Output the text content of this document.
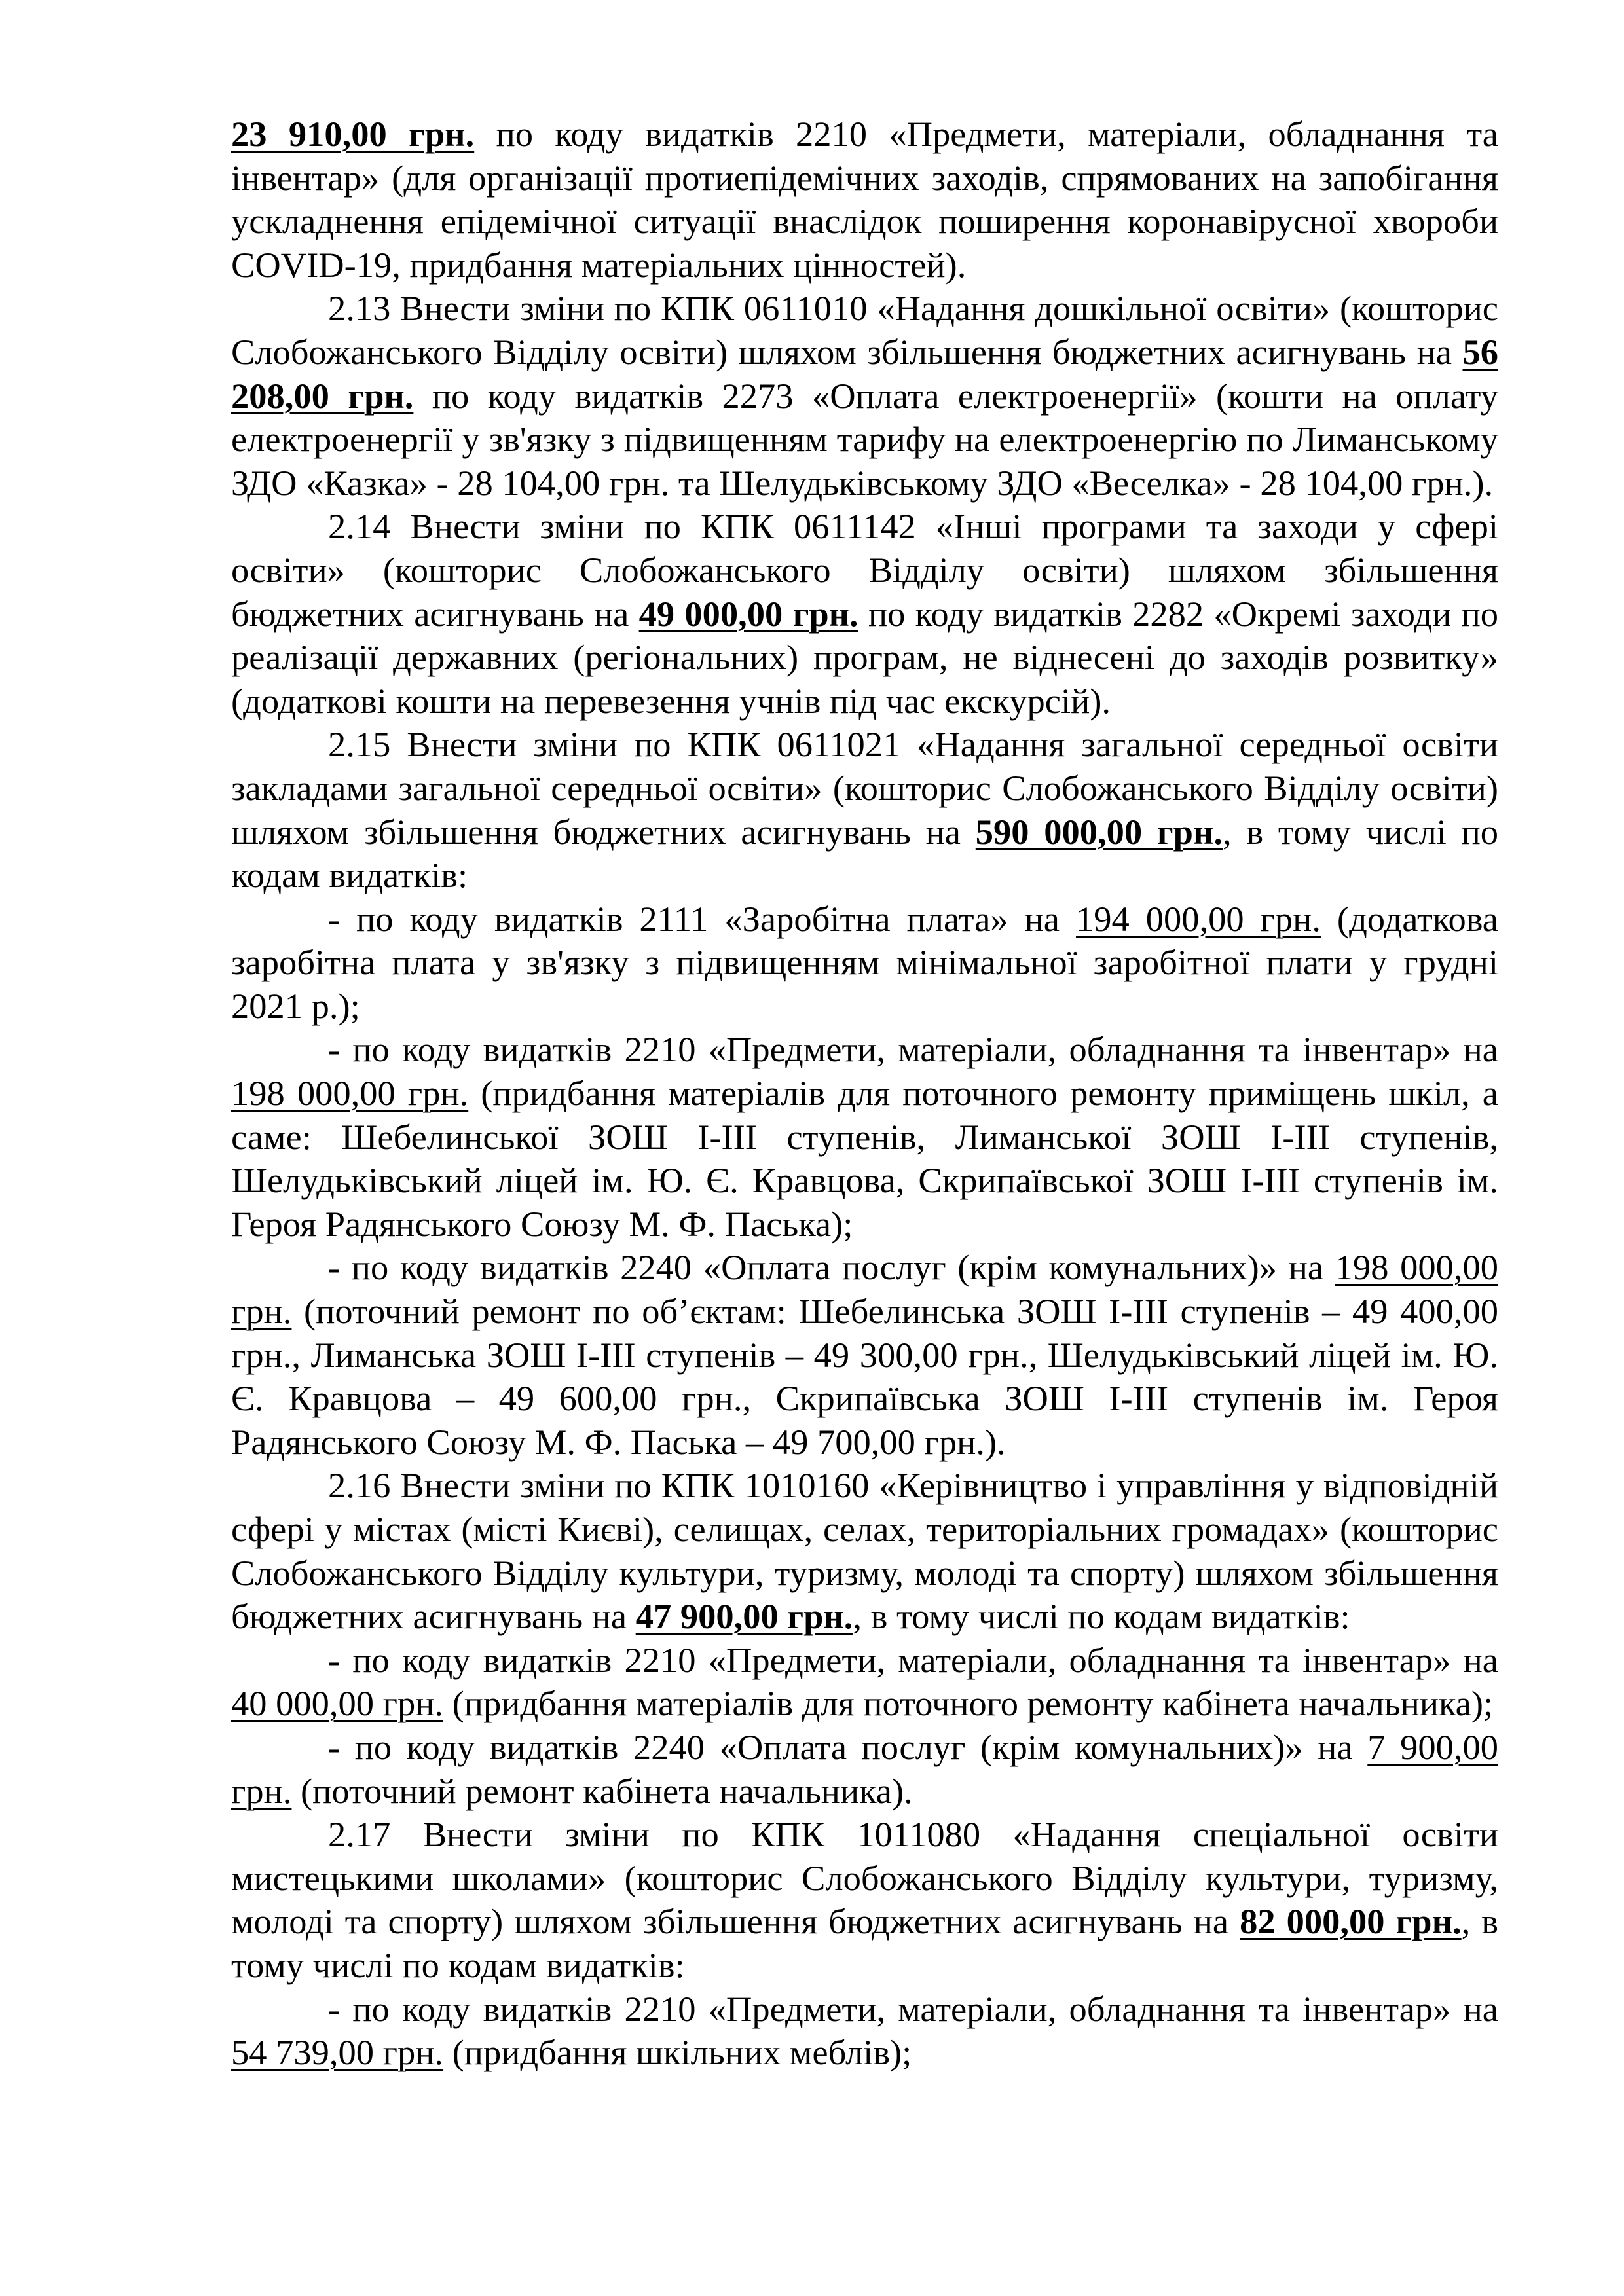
23 910,00 грн. по коду видатків 2210 «Предмети, матеріали, обладнання та інвентар» (для організації протиепідемічних заходів, спрямованих на запобігання ускладнення епідемічної ситуації внаслідок поширення коронавірусної хвороби COVID-19, придбання матеріальних цінностей).

2.13 Внести зміни по КПК 0611010 «Надання дошкільної освіти» (кошторис Слобожанського Відділу освіти) шляхом збільшення бюджетних асигнувань на 56 208,00 грн. по коду видатків 2273 «Оплата електроенергії» (кошти на оплату електроенергії у зв'язку з підвищенням тарифу на електроенергію по Лиманському ЗДО «Казка» - 28 104,00 грн. та Шелудьківському ЗДО «Веселка» - 28 104,00 грн.).

2.14 Внести зміни по КПК 0611142 «Інші програми та заходи у сфері освіти» (кошторис Слобожанського Відділу освіти) шляхом збільшення бюджетних асигнувань на 49 000,00 грн. по коду видатків 2282 «Окремі заходи по реалізації державних (регіональних) програм, не віднесені до заходів розвитку» (додаткові кошти на перевезення учнів під час екскурсій).

2.15 Внести зміни по КПК 0611021 «Надання загальної середньої освіти закладами загальної середньої освіти» (кошторис Слобожанського Відділу освіти) шляхом збільшення бюджетних асигнувань на 590 000,00 грн., в тому числі по кодам видатків:

- по коду видатків 2111 «Заробітна плата» на 194 000,00 грн. (додаткова заробітна плата у зв'язку з підвищенням мінімальної заробітної плати у грудні 2021 р.);

- по коду видатків 2210 «Предмети, матеріали, обладнання та інвентар» на 198 000,00 грн. (придбання матеріалів для поточного ремонту приміщень шкіл, а саме: Шебелинської ЗОШ І-ІІІ ступенів, Лиманської ЗОШ І-ІІІ ступенів, Шелудьківський ліцей ім. Ю. Є. Кравцова, Скрипаївської ЗОШ І-ІІІ ступенів ім. Героя Радянського Союзу М. Ф. Паська);

- по коду видатків 2240 «Оплата послуг (крім комунальних)» на 198 000,00 грн. (поточний ремонт по об’єктам: Шебелинська ЗОШ І-ІІІ ступенів – 49 400,00 грн., Лиманська ЗОШ І-ІІІ ступенів – 49 300,00 грн., Шелудьківський ліцей ім. Ю. Є. Кравцова – 49 600,00 грн., Скрипаївська ЗОШ І-ІІІ ступенів ім. Героя Радянського Союзу М. Ф. Паська – 49 700,00 грн.).

2.16 Внести зміни по КПК 1010160 «Керівництво і управління у відповідній сфері у містах (місті Києві), селищах, селах, територіальних громадах» (кошторис Слобожанського Відділу культури, туризму, молоді та спорту) шляхом збільшення бюджетних асигнувань на 47 900,00 грн., в тому числі по кодам видатків:

- по коду видатків 2210 «Предмети, матеріали, обладнання та інвентар» на 40 000,00 грн. (придбання матеріалів для поточного ремонту кабінета начальника);

- по коду видатків 2240 «Оплата послуг (крім комунальних)» на 7 900,00 грн. (поточний ремонт кабінета начальника).

2.17 Внести зміни по КПК 1011080 «Надання спеціальної освіти мистецькими школами» (кошторис Слобожанського Відділу культури, туризму, молоді та спорту) шляхом збільшення бюджетних асигнувань на 82 000,00 грн., в тому числі по кодам видатків:

- по коду видатків 2210 «Предмети, матеріали, обладнання та інвентар» на 54 739,00 грн. (придбання шкільних меблів);
